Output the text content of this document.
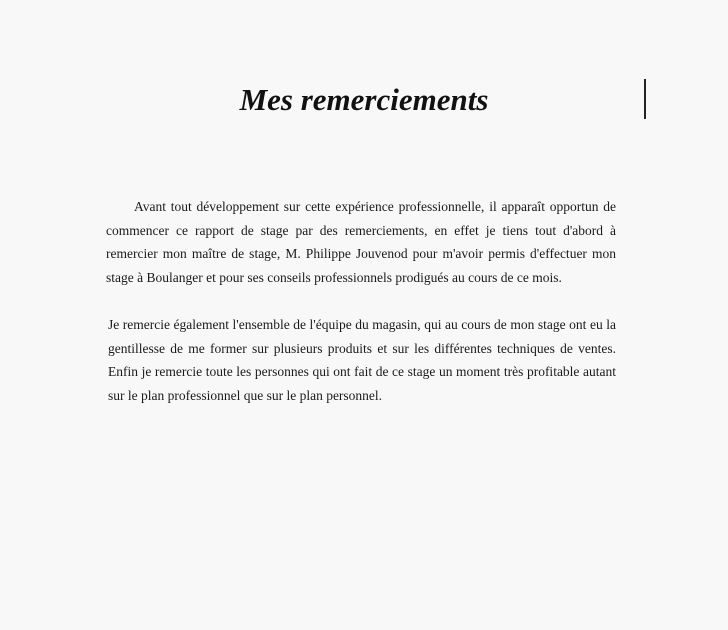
Mes remerciements

Avant tout développement sur cette expérience professionnelle, il apparaît opportun de commencer ce rapport de stage par des remerciements, en effet je tiens tout d'abord à remercier mon maître de stage, M. Philippe Jouvenod pour m'avoir permis d'effectuer mon stage à Boulanger et pour ses conseils professionnels prodigués au cours de ce mois.

Je remercie également l'ensemble de l'équipe du magasin, qui au cours de mon stage ont eu la gentillesse de me former sur plusieurs produits et sur les différentes techniques de ventes. Enfin je remercie toute les personnes qui ont fait de ce stage un moment très profitable autant sur le plan professionnel que sur le plan personnel.
